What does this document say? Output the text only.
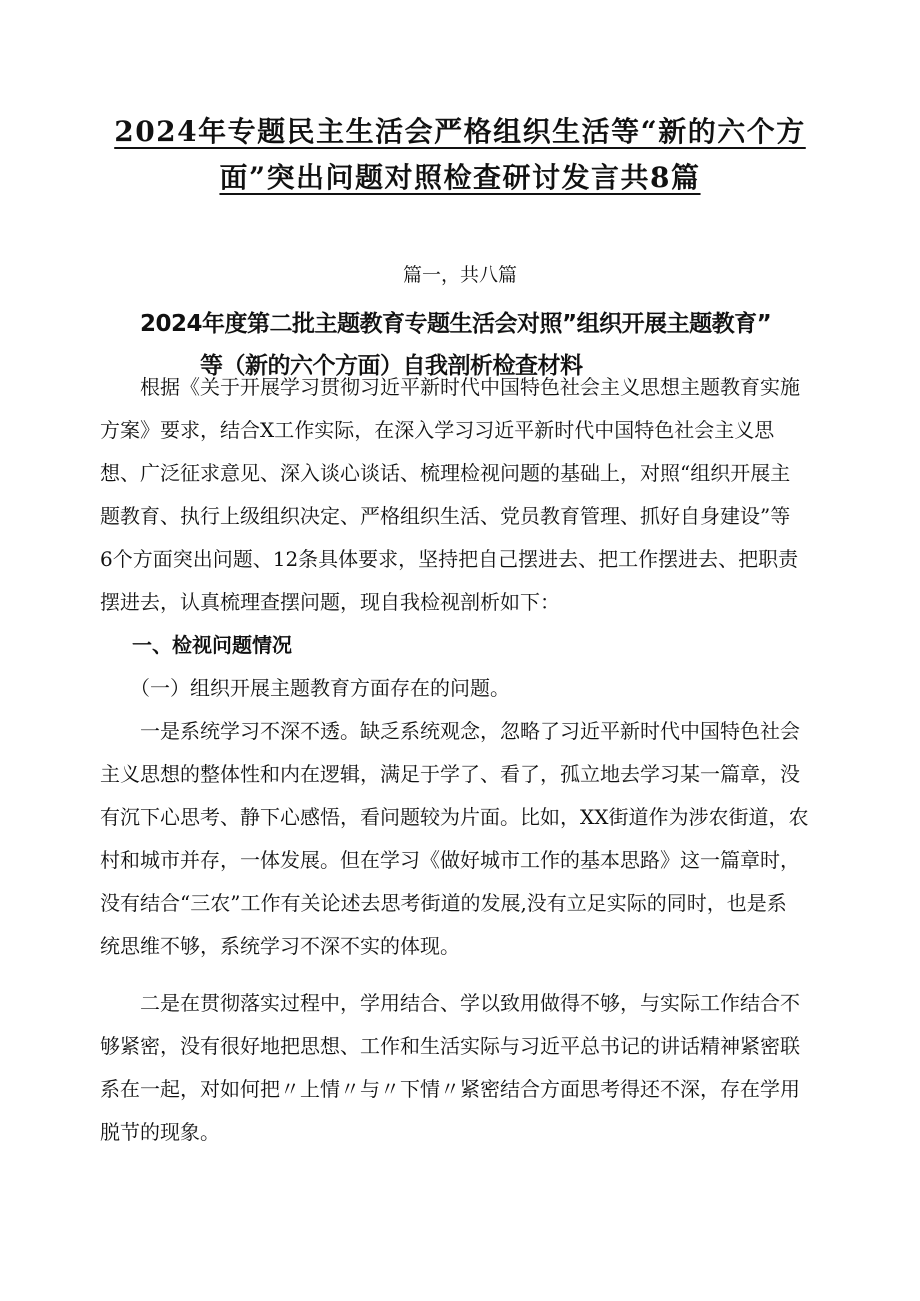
2024年专题民主生活会严格组织生活等“新的六个方
面”突出问题对照检查研讨发言共8篇
篇一，共八篇
2024年度第二批主题教育专题生活会对照”组织开展主题教育”
等（新的六个方面）自我剖析检查材料
　　根据《关于开展学习贯彻习近平新时代中国特色社会主义思想主题教育实施
方案》要求，结合X工作实际，在深入学习习近平新时代中国特色社会主义思
想、广泛征求意见、深入谈心谈话、梳理检视问题的基础上，对照“组织开展主
题教育、执行上级组织决定、严格组织生活、党员教育管理、抓好自身建设”等
6个方面突出问题、12条具体要求，坚持把自己摆进去、把工作摆进去、把职责
摆进去，认真梳理查摆问题，现自我检视剖析如下：
一、检视问题情况
　　（一）组织开展主题教育方面存在的问题。
　　一是系统学习不深不透。缺乏系统观念，忽略了习近平新时代中国特色社会
主义思想的整体性和内在逻辑，满足于学了、看了，孤立地去学习某一篇章，没
有沉下心思考、静下心感悟，看问题较为片面。比如，XX街道作为涉农街道，农
村和城市并存，一体发展。但在学习《做好城市工作的基本思路》这一篇章时，
没有结合“三农”工作有关论述去思考街道的发展,没有立足实际的同时，也是系
统思维不够，系统学习不深不实的体现。
　　二是在贯彻落实过程中，学用结合、学以致用做得不够，与实际工作结合不
够紧密，没有很好地把思想、工作和生活实际与习近平总书记的讲话精神紧密联
系在一起，对如何把〃上情〃与〃下情〃紧密结合方面思考得还不深，存在学用
脱节的现象。
